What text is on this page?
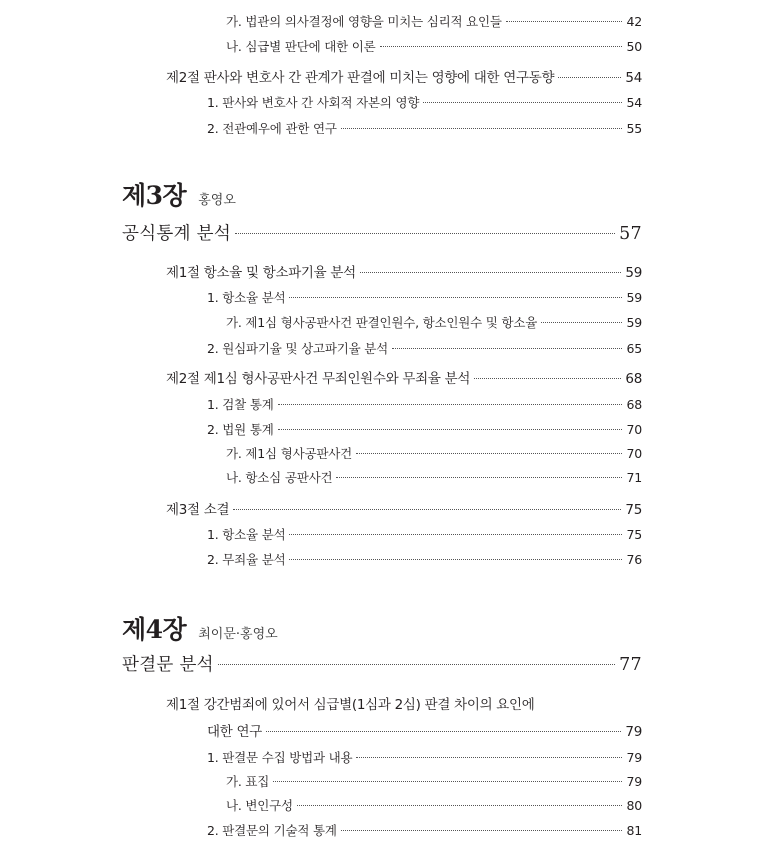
가. 법관의 의사결정에 영향을 미치는 심리적 요인들	42
나. 심급별 판단에 대한 이론	50
제2절 판사와 변호사 간 관계가 판결에 미치는 영향에 대한 연구동향	54
1. 판사와 변호사 간 사회적 자본의 영향	54
2. 전관예우에 관한 연구	55
제3장 홍영오
공식통계 분석	57
제1절 항소율 및 항소파기율 분석	59
1. 항소율 분석	59
가. 제1심 형사공판사건 판결인원수, 항소인원수 및 항소율	59
2. 원심파기율 및 상고파기율 분석	65
제2절 제1심 형사공판사건 무죄인원수와 무죄율 분석	68
1. 검찰 통계	68
2. 법원 통계	70
가. 제1심 형사공판사건	70
나. 항소심 공판사건	71
제3절 소결	75
1. 항소율 분석	75
2. 무죄율 분석	76
제4장 최이문·홍영오
판결문 분석	77
제1절 강간범죄에 있어서 심급별(1심과 2심) 판결 차이의 요인에
대한 연구	79
1. 판결문 수집 방법과 내용	79
가. 표집	79
나. 변인구성	80
2. 판결문의 기술적 통계	81
